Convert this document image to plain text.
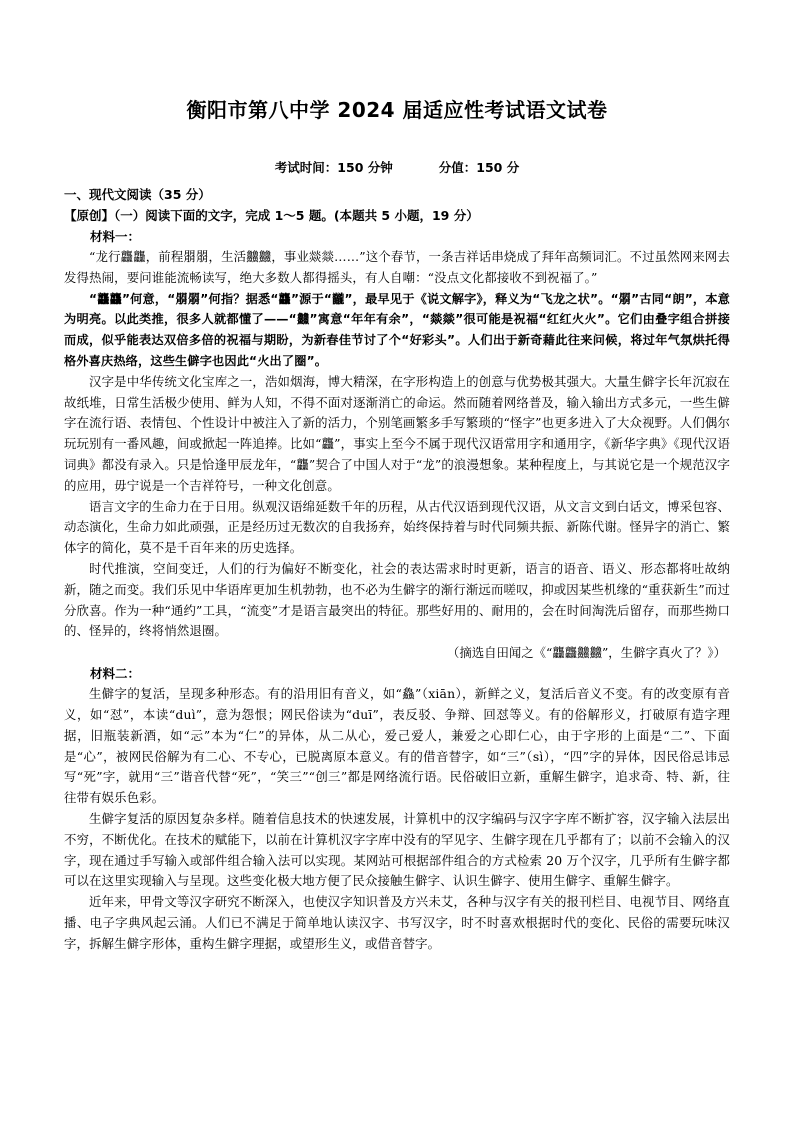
衡阳市第八中学 2024 届适应性考试语文试卷
考试时间：150 分钟	分值：150 分
一、现代文阅读（35 分）
【原创】（一）阅读下面的文字，完成 1～5 题。(本题共 5 小题，19 分）
材料一：

“龙行龘龘，前程朤朤，生活䲜䲜，事业燚燚……”这个春节，一条吉祥话串烧成了拜年高频词汇。不过虽然网来网去发得热闹，要问谁能流畅读写，绝大多数人都得摇头，有人自嘲：“没点文化都接收不到祝福了。”

“龘龘”何意，“朤朤”何指？据悉“龘”源于“龖”，最早见于《说文解字》，释义为“飞龙之状”。“朤”古同“朗”，本意为明亮。以此类推，很多人就都懂了——“䲜”寓意“年年有余”，“燚燚”很可能是祝福“红红火火”。它们由叠字组合拼接而成，似乎能表达双倍多倍的祝福与期盼，为新春佳节讨了个“好彩头”。人们出于新奇藉此往来问候，将过年气氛烘托得格外喜庆热络，这些生僻字也因此“火出了圈”。

汉字是中华传统文化宝库之一，浩如烟海，博大精深，在字形构造上的创意与优势极其强大。大量生僻字长年沉寂在故纸堆，日常生活极少使用、鲜为人知，不得不面对逐渐消亡的命运。然而随着网络普及，输入输出方式多元，一些生僻字在流行语、表情包、个性设计中被注入了新的活力，个别笔画繁多手写繁琐的“怪字”也更多进入了大众视野。人们偶尔玩玩别有一番风趣，间或掀起一阵追捧。比如“龘”，事实上至今不属于现代汉语常用字和通用字，《新华字典》《现代汉语词典》都没有录入。只是恰逢甲辰龙年，“龘”契合了中国人对于“龙”的浪漫想象。某种程度上，与其说它是一个规范汉字的应用，毋宁说是一个吉祥符号，一种文化创意。

语言文字的生命力在于日用。纵观汉语绵延数千年的历程，从古代汉语到现代汉语，从文言文到白话文，博采包容、动态演化，生命力如此顽强，正是经历过无数次的自我扬弃，始终保持着与时代同频共振、新陈代谢。怪异字的消亡、繁体字的简化，莫不是千百年来的历史选择。

时代推演，空间变迁，人们的行为偏好不断变化，社会的表达需求时时更新，语言的语音、语义、形态都将吐故纳新，随之而变。我们乐见中华语库更加生机勃勃，也不必为生僻字的渐行渐远而嗟叹，抑或因某些机缘的“重获新生”而过分欣喜。作为一种“通约”工具，“流变”才是语言最突出的特征。那些好用的、耐用的，会在时间淘洗后留存，而那些拗口的、怪异的，终将悄然退圈。

（摘选自田闻之《“龘龘䲜䲜”，生僻字真火了？》）
材料二：

生僻字的复活，呈现多种形态。有的沿用旧有音义，如“鱻”（xiān），新鲜之义，复活后音义不变。有的改变原有音义，如“怼”，本读“duì”，意为怨恨；网民俗读为“duī”，表反驳、争辩、回怼等义。有的俗解形义，打破原有造字理据，旧瓶装新酒，如“忈”本为“仁”的异体，从二从心，爱己爱人，兼爱之心即仁心，由于字形的上面是“二”、下面是“心”，被网民俗解为有二心、不专心，已脱离原本意义。有的借音替字，如“三”（sì），“四”字的异体，因民俗忌讳忌写“死”字，就用“三”谐音代替“死”，“笑三”“创三”都是网络流行语。民俗破旧立新，重解生僻字，追求奇、特、新，往往带有娱乐色彩。

生僻字复活的原因复杂多样。随着信息技术的快速发展，计算机中的汉字编码与汉字字库不断扩容，汉字输入法层出不穷，不断优化。在技术的赋能下，以前在计算机汉字字库中没有的罕见字、生僻字现在几乎都有了；以前不会输入的汉字，现在通过手写输入或部件组合输入法可以实现。某网站可根据部件组合的方式检索 20 万个汉字，几乎所有生僻字都可以在这里实现输入与呈现。这些变化极大地方便了民众接触生僻字、认识生僻字、使用生僻字、重解生僻字。

近年来，甲骨文等汉字研究不断深入，也使汉字知识普及方兴未艾，各种与汉字有关的报刊栏目、电视节目、网络直播、电子字典风起云涌。人们已不满足于简单地认读汉字、书写汉字，时不时喜欢根据时代的变化、民俗的需要玩味汉字，拆解生僻字形体，重构生僻字理据，或望形生义，或借音替字。
